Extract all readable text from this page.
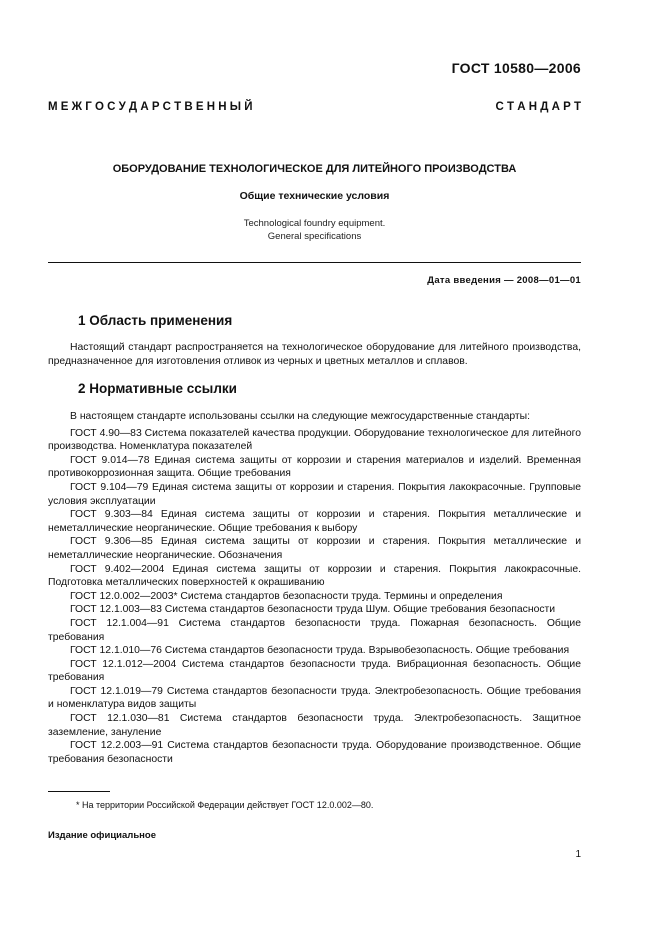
ГОСТ 10580—2006
М Е Ж Г О С У Д А Р С Т В Е Н Н Ы Й	С Т А Н Д А Р Т
ОБОРУДОВАНИЕ ТЕХНОЛОГИЧЕСКОЕ ДЛЯ ЛИТЕЙНОГО ПРОИЗВОДСТВА
Общие технические условия
Technological foundry equipment.
General specifications
Дата введения — 2008—01—01
1 Область применения

Настоящий стандарт распространяется на технологическое оборудование для литейного производства, предназначенное для изготовления отливок из черных и цветных металлов и сплавов.

2 Нормативные ссылки

В настоящем стандарте использованы ссылки на следующие межгосударственные стандарты:

ГОСТ 4.90—83 Система показателей качества продукции. Оборудование технологическое для литейного производства. Номенклатура показателей

ГОСТ 9.014—78 Единая система защиты от коррозии и старения материалов и изделий. Временная противокоррозионная защита. Общие требования

ГОСТ 9.104—79 Единая система защиты от коррозии и старения. Покрытия лакокрасочные. Групповые условия эксплуатации

ГОСТ 9.303—84 Единая система защиты от коррозии и старения. Покрытия металлические и неметаллические неорганические. Общие требования к выбору

ГОСТ 9.306—85 Единая система защиты от коррозии и старения. Покрытия металлические и неметаллические неорганические. Обозначения

ГОСТ 9.402—2004 Единая система защиты от коррозии и старения. Покрытия лакокрасочные. Подготовка металлических поверхностей к окрашиванию

ГОСТ 12.0.002—2003* Система стандартов безопасности труда. Термины и определения

ГОСТ 12.1.003—83 Система стандартов безопасности труда Шум. Общие требования безопасности

ГОСТ 12.1.004—91 Система стандартов безопасности труда. Пожарная безопасность. Общие требования

ГОСТ 12.1.010—76 Система стандартов безопасности труда. Взрывобезопасность. Общие требования

ГОСТ 12.1.012—2004 Система стандартов безопасности труда. Вибрационная безопасность. Общие требования

ГОСТ 12.1.019—79 Система стандартов безопасности труда. Электробезопасность. Общие требования и номенклатура видов защиты

ГОСТ 12.1.030—81 Система стандартов безопасности труда. Электробезопасность. Защитное заземление, зануление

ГОСТ 12.2.003—91 Система стандартов безопасности труда. Оборудование производственное. Общие требования безопасности

* На территории Российской Федерации действует ГОСТ 12.0.002—80.
Издание официальное
1
